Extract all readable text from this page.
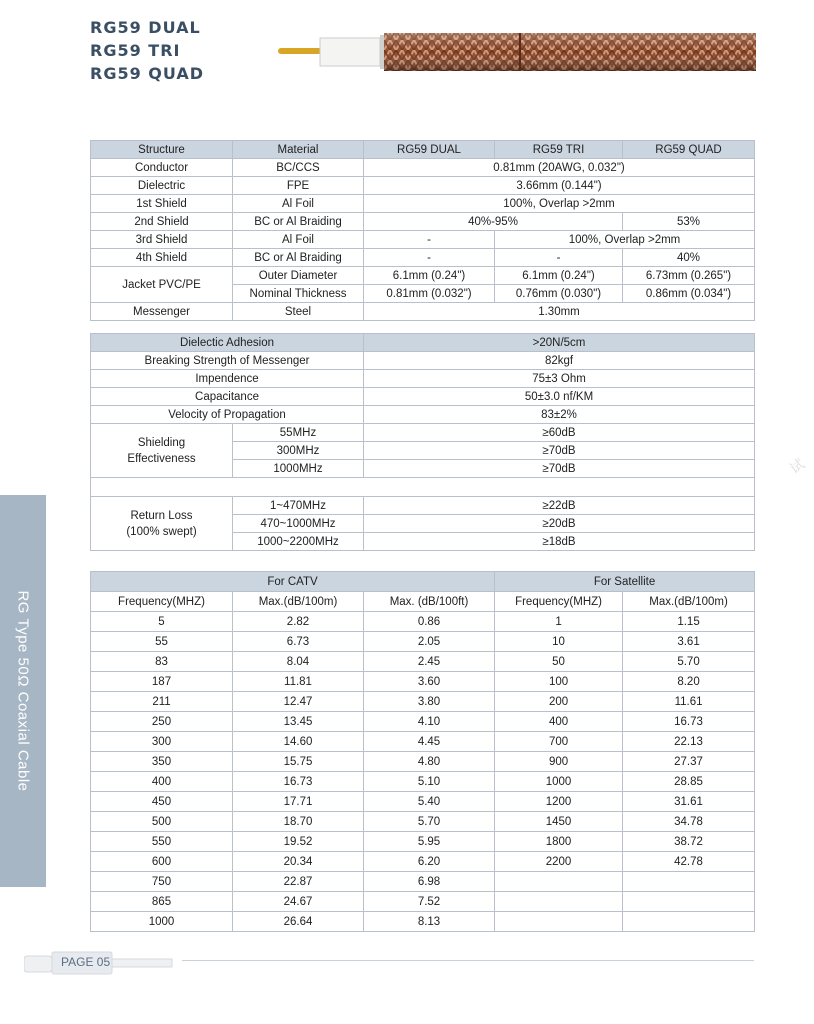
RG59 DUAL
RG59 TRI
RG59 QUAD
RG Type 50Ω Coaxial Cable
试
Structure	Material	RG59 DUAL	RG59 TRI	RG59 QUAD
Conductor	BC/CCS	0.81mm (20AWG, 0.032")		
Dielectric	FPE	3.66mm (0.144")		
1st Shield	Al Foil	100%, Overlap >2mm		
2nd Shield	BC or Al Braiding	40%-95%		53%
3rd Shield	Al Foil	-	100%, Overlap >2mm	
4th Shield	BC or Al Braiding	-	-	40%
Jacket PVC/PE	Outer Diameter	6.1mm (0.24")	6.1mm (0.24")	6.73mm (0.265")
	Nominal Thickness	0.81mm (0.032")	0.76mm (0.030")	0.86mm (0.034")
Messenger	Steel	1.30mm		
Dielectic Adhesion		>20N/5cm
Breaking Strength of Messenger		82kgf
Impendence		75±3 Ohm
Capacitance		50±3.0 nf/KM
Velocity of Propagation		83±2%
Shielding Effectiveness	55MHz	≥60dB
	300MHz	≥70dB
	1000MHz	≥70dB

Return Loss (100% swept)	1~470MHz	≥22dB
	470~1000MHz	≥20dB
	1000~2200MHz	≥18dB
For CATV			For Satellite	
Frequency(MHZ)	Max.(dB/100m)	Max. (dB/100ft)	Frequency(MHZ)	Max.(dB/100m)
5	2.82	0.86	1	1.15
55	6.73	2.05	10	3.61
83	8.04	2.45	50	5.70
187	11.81	3.60	100	8.20
211	12.47	3.80	200	11.61
250	13.45	4.10	400	16.73
300	14.60	4.45	700	22.13
350	15.75	4.80	900	27.37
400	16.73	5.10	1000	28.85
450	17.71	5.40	1200	31.61
500	18.70	5.70	1450	34.78
550	19.52	5.95	1800	38.72
600	20.34	6.20	2200	42.78
750	22.87	6.98		
865	24.67	7.52		
1000	26.64	8.13		
PAGE 05
